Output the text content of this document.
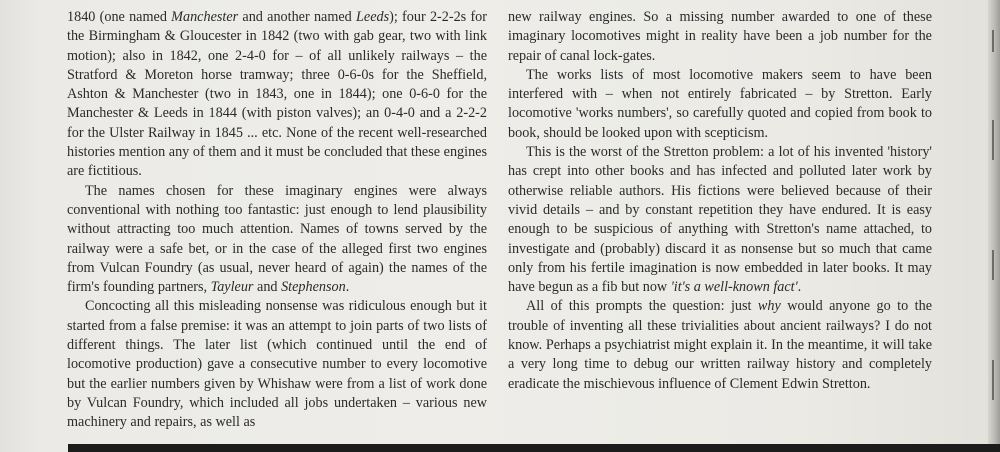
1840 (one named Manchester and another named Leeds); four 2-2-2s for the Birmingham & Gloucester in 1842 (two with gab gear, two with link motion); also in 1842, one 2-4-0 for – of all unlikely railways – the Stratford & Moreton horse tramway; three 0-6-0s for the Sheffield, Ashton & Manchester (two in 1843, one in 1844); one 0-6-0 for the Manchester & Leeds in 1844 (with piston valves); an 0-4-0 and a 2-2-2 for the Ulster Railway in 1845 ... etc. None of the recent well-researched histories mention any of them and it must be concluded that these engines are fictitious.

The names chosen for these imaginary engines were always conventional with nothing too fantastic: just enough to lend plausibility without attracting too much attention. Names of towns served by the railway were a safe bet, or in the case of the alleged first two engines from Vulcan Foundry (as usual, never heard of again) the names of the firm's founding partners, Tayleur and Stephenson.

Concocting all this misleading nonsense was ridiculous enough but it started from a false premise: it was an attempt to join parts of two lists of different things. The later list (which continued until the end of locomotive production) gave a consecutive number to every locomotive but the earlier numbers given by Whishaw were from a list of work done by Vulcan Foundry, which included all jobs undertaken – various new machinery and repairs, as well as

new railway engines. So a missing number awarded to one of these imaginary locomotives might in reality have been a job number for the repair of canal lock-gates.

The works lists of most locomotive makers seem to have been interfered with – when not entirely fabricated – by Stretton. Early locomotive 'works numbers', so carefully quoted and copied from book to book, should be looked upon with scepticism.

This is the worst of the Stretton problem: a lot of his invented 'history' has crept into other books and has infected and polluted later work by otherwise reliable authors. His fictions were believed because of their vivid details – and by constant repetition they have endured. It is easy enough to be suspicious of anything with Stretton's name attached, to investigate and (probably) discard it as nonsense but so much that came only from his fertile imagination is now embedded in later books. It may have begun as a fib but now 'it's a well-known fact'.

All of this prompts the question: just why would anyone go to the trouble of inventing all these trivialities about ancient railways? I do not know. Perhaps a psychiatrist might explain it. In the meantime, it will take a very long time to debug our written railway history and completely eradicate the mischievous influence of Clement Edwin Stretton.
